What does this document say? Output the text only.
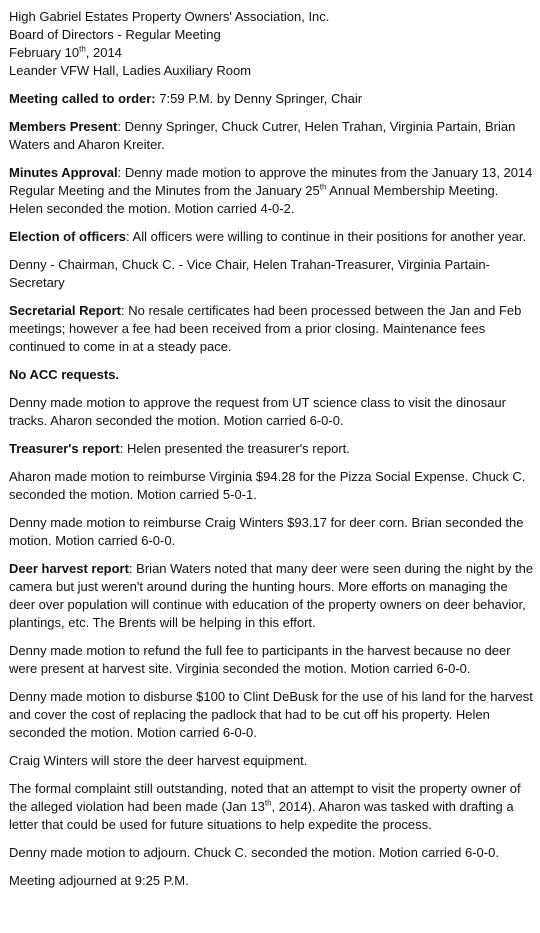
High Gabriel Estates Property Owners' Association, Inc.

Board of Directors - Regular Meeting

February 10th, 2014

Leander VFW Hall, Ladies Auxiliary Room

Meeting called to order: 7:59 P.M. by Denny Springer, Chair

Members Present: Denny Springer, Chuck Cutrer, Helen Trahan, Virginia Partain, Brian Waters and Aharon Kreiter.

Minutes Approval: Denny made motion to approve the minutes from the January 13, 2014 Regular Meeting and the Minutes from the January 25th Annual Membership Meeting. Helen seconded the motion. Motion carried 4-0-2.

Election of officers: All officers were willing to continue in their positions for another year.

Denny - Chairman, Chuck C. - Vice Chair, Helen Trahan-Treasurer, Virginia Partain-Secretary

Secretarial Report: No resale certificates had been processed between the Jan and Feb meetings; however a fee had been received from a prior closing. Maintenance fees continued to come in at a steady pace.

No ACC requests.

Denny made motion to approve the request from UT science class to visit the dinosaur tracks. Aharon seconded the motion. Motion carried 6-0-0.

Treasurer's report: Helen presented the treasurer's report.

Aharon made motion to reimburse Virginia $94.28 for the Pizza Social Expense. Chuck C. seconded the motion. Motion carried 5-0-1.

Denny made motion to reimburse Craig Winters $93.17 for deer corn. Brian seconded the motion. Motion carried 6-0-0.

Deer harvest report: Brian Waters noted that many deer were seen during the night by the camera but just weren't around during the hunting hours. More efforts on managing the deer over population will continue with education of the property owners on deer behavior, plantings, etc. The Brents will be helping in this effort.

Denny made motion to refund the full fee to participants in the harvest because no deer were present at harvest site. Virginia seconded the motion. Motion carried 6-0-0.

Denny made motion to disburse $100 to Clint DeBusk for the use of his land for the harvest and cover the cost of replacing the padlock that had to be cut off his property. Helen seconded the motion. Motion carried 6-0-0.

Craig Winters will store the deer harvest equipment.

The formal complaint still outstanding, noted that an attempt to visit the property owner of the alleged violation had been made (Jan 13th, 2014). Aharon was tasked with drafting a letter that could be used for future situations to help expedite the process.

Denny made motion to adjourn. Chuck C. seconded the motion. Motion carried 6-0-0.

Meeting adjourned at 9:25 P.M.
